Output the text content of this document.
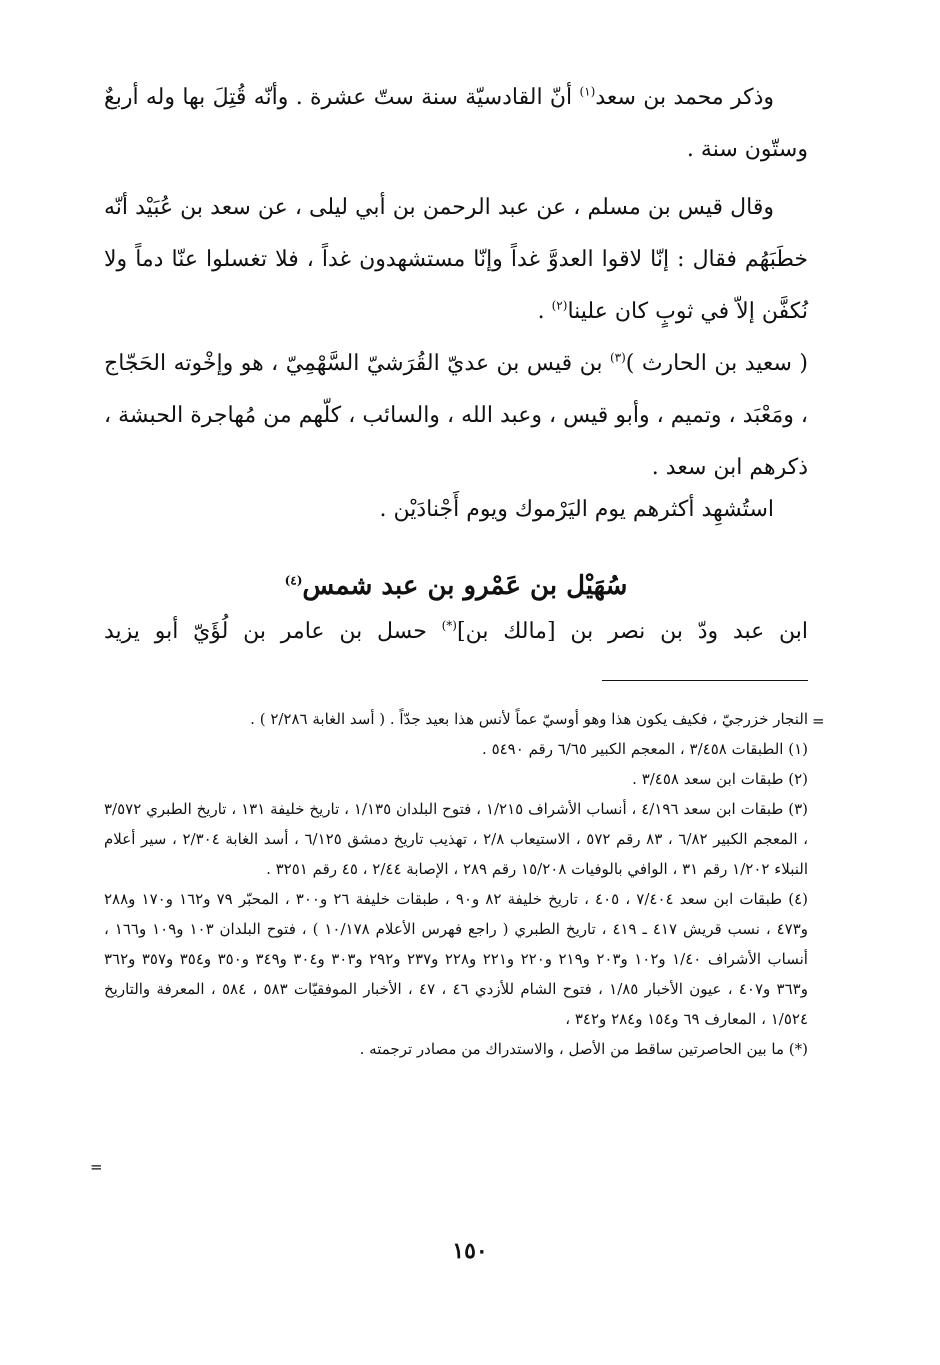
وذكر محمد بن سعد$^{(١)}$ أنّ القادسيّة سنة ستّ عشرة . وأنّه قُتِلَ بها وله أربعٌ وستّون سنة .

وقال قيس بن مسلم ، عن عبد الرحمن بن أبي ليلى ، عن سعد بن عُبَيْد أنّه خطَبَهُم فقال : إنّا لاقوا العدوَّ غداً وإنّا مستشهدون غداً ، فلا تغسلوا عنّا دماً ولا نُكفَّن إلاّ في ثوبٍ كان علينا$^{(٢)}$ .

( سعيد بن الحارث )$^{(٣)}$ بن قيس بن عديّ القُرَشيّ السَّهْمِيّ ، هو وإخْوته الحَجّاج ، ومَعْبَد ، وتميم ، وأبو قيس ، وعبد الله ، والسائب ، كلّهم من مُهاجرة الحبشة ، ذكرهم ابن سعد .

استُشهِد أكثرهم يوم اليَرْموك ويوم أَجْنادَيْن .

سُهَيْل بن عَمْرو بن عبد شمس$^{(٤)}$
ابن عبد ودّ بن نصر بن [مالك بن](*) حسل بن عامر بن لُؤَيّ أبو يزيد
=

النجار خزرجيّ ، فكيف يكون هذا وهو أوسيّ عماً لأنس هذا بعيد جدّاً . ( أسد الغابة ٢/٢٨٦ ) .

(١) الطبقات ٣/٤٥٨ ، المعجم الكبير ٦/٦٥ رقم ٥٤٩٠ .

(٢) طبقات ابن سعد ٣/٤٥٨ .

(٣) طبقات ابن سعد ٤/١٩٦ ، أنساب الأشراف ١/٢١٥ ، فتوح البلدان ١/١٣٥ ، تاريخ خليفة ١٣١ ، تاريخ الطبري ٣/٥٧٢ ، المعجم الكبير ٦/٨٢ ، ٨٣ رقم ٥٧٢ ، الاستيعاب ٢/٨ ، تهذيب تاريخ دمشق ٦/١٢٥ ، أسد الغابة ٢/٣٠٤ ، سير أعلام النبلاء ١/٢٠٢ رقم ٣١ ، الوافي بالوفيات ١٥/٢٠٨ رقم ٢٨٩ ، الإصابة ٢/٤٤ ، ٤٥ رقم ٣٢٥١ .

(٤) طبقات ابن سعد ٧/٤٠٤ ، ٤٠٥ ، تاريخ خليفة ٨٢ و٩٠ ، طبقات خليفة ٢٦ و٣٠٠ ، المحبّر ٧٩ و١٦٢ و١٧٠ و٢٨٨ و٤٧٣ ، نسب قريش ٤١٧ ـ ٤١٩ ، تاريخ الطبري ( راجع فهرس الأعلام ١٠/١٧٨ ) ، فتوح البلدان ١٠٣ و١٠٩ و١٦٦ ، أنساب الأشراف ١/٤٠ و١٠٢ و٢٠٣ و٢١٩ و٢٢٠ و٢٢١ و٢٢٨ و٢٣٧ و٢٩٢ و٣٠٣ و٣٠٤ و٣٤٩ و٣٥٠ و٣٥٤ و٣٥٧ و٣٦٢ و٣٦٣ و٤٠٧ ، عيون الأخبار ١/٨٥ ، فتوح الشام للأزدي ٤٦ ، ٤٧ ، الأخبار الموفقيّات ٥٨٣ ، ٥٨٤ ، المعرفة والتاريخ ١/٥٢٤ ، المعارف ٦٩ و١٥٤ و٢٨٤ و٣٤٢ ،

(*) ما بين الحاصرتين ساقط من الأصل ، والاستدراك من مصادر ترجمته .

=
١٥٠
